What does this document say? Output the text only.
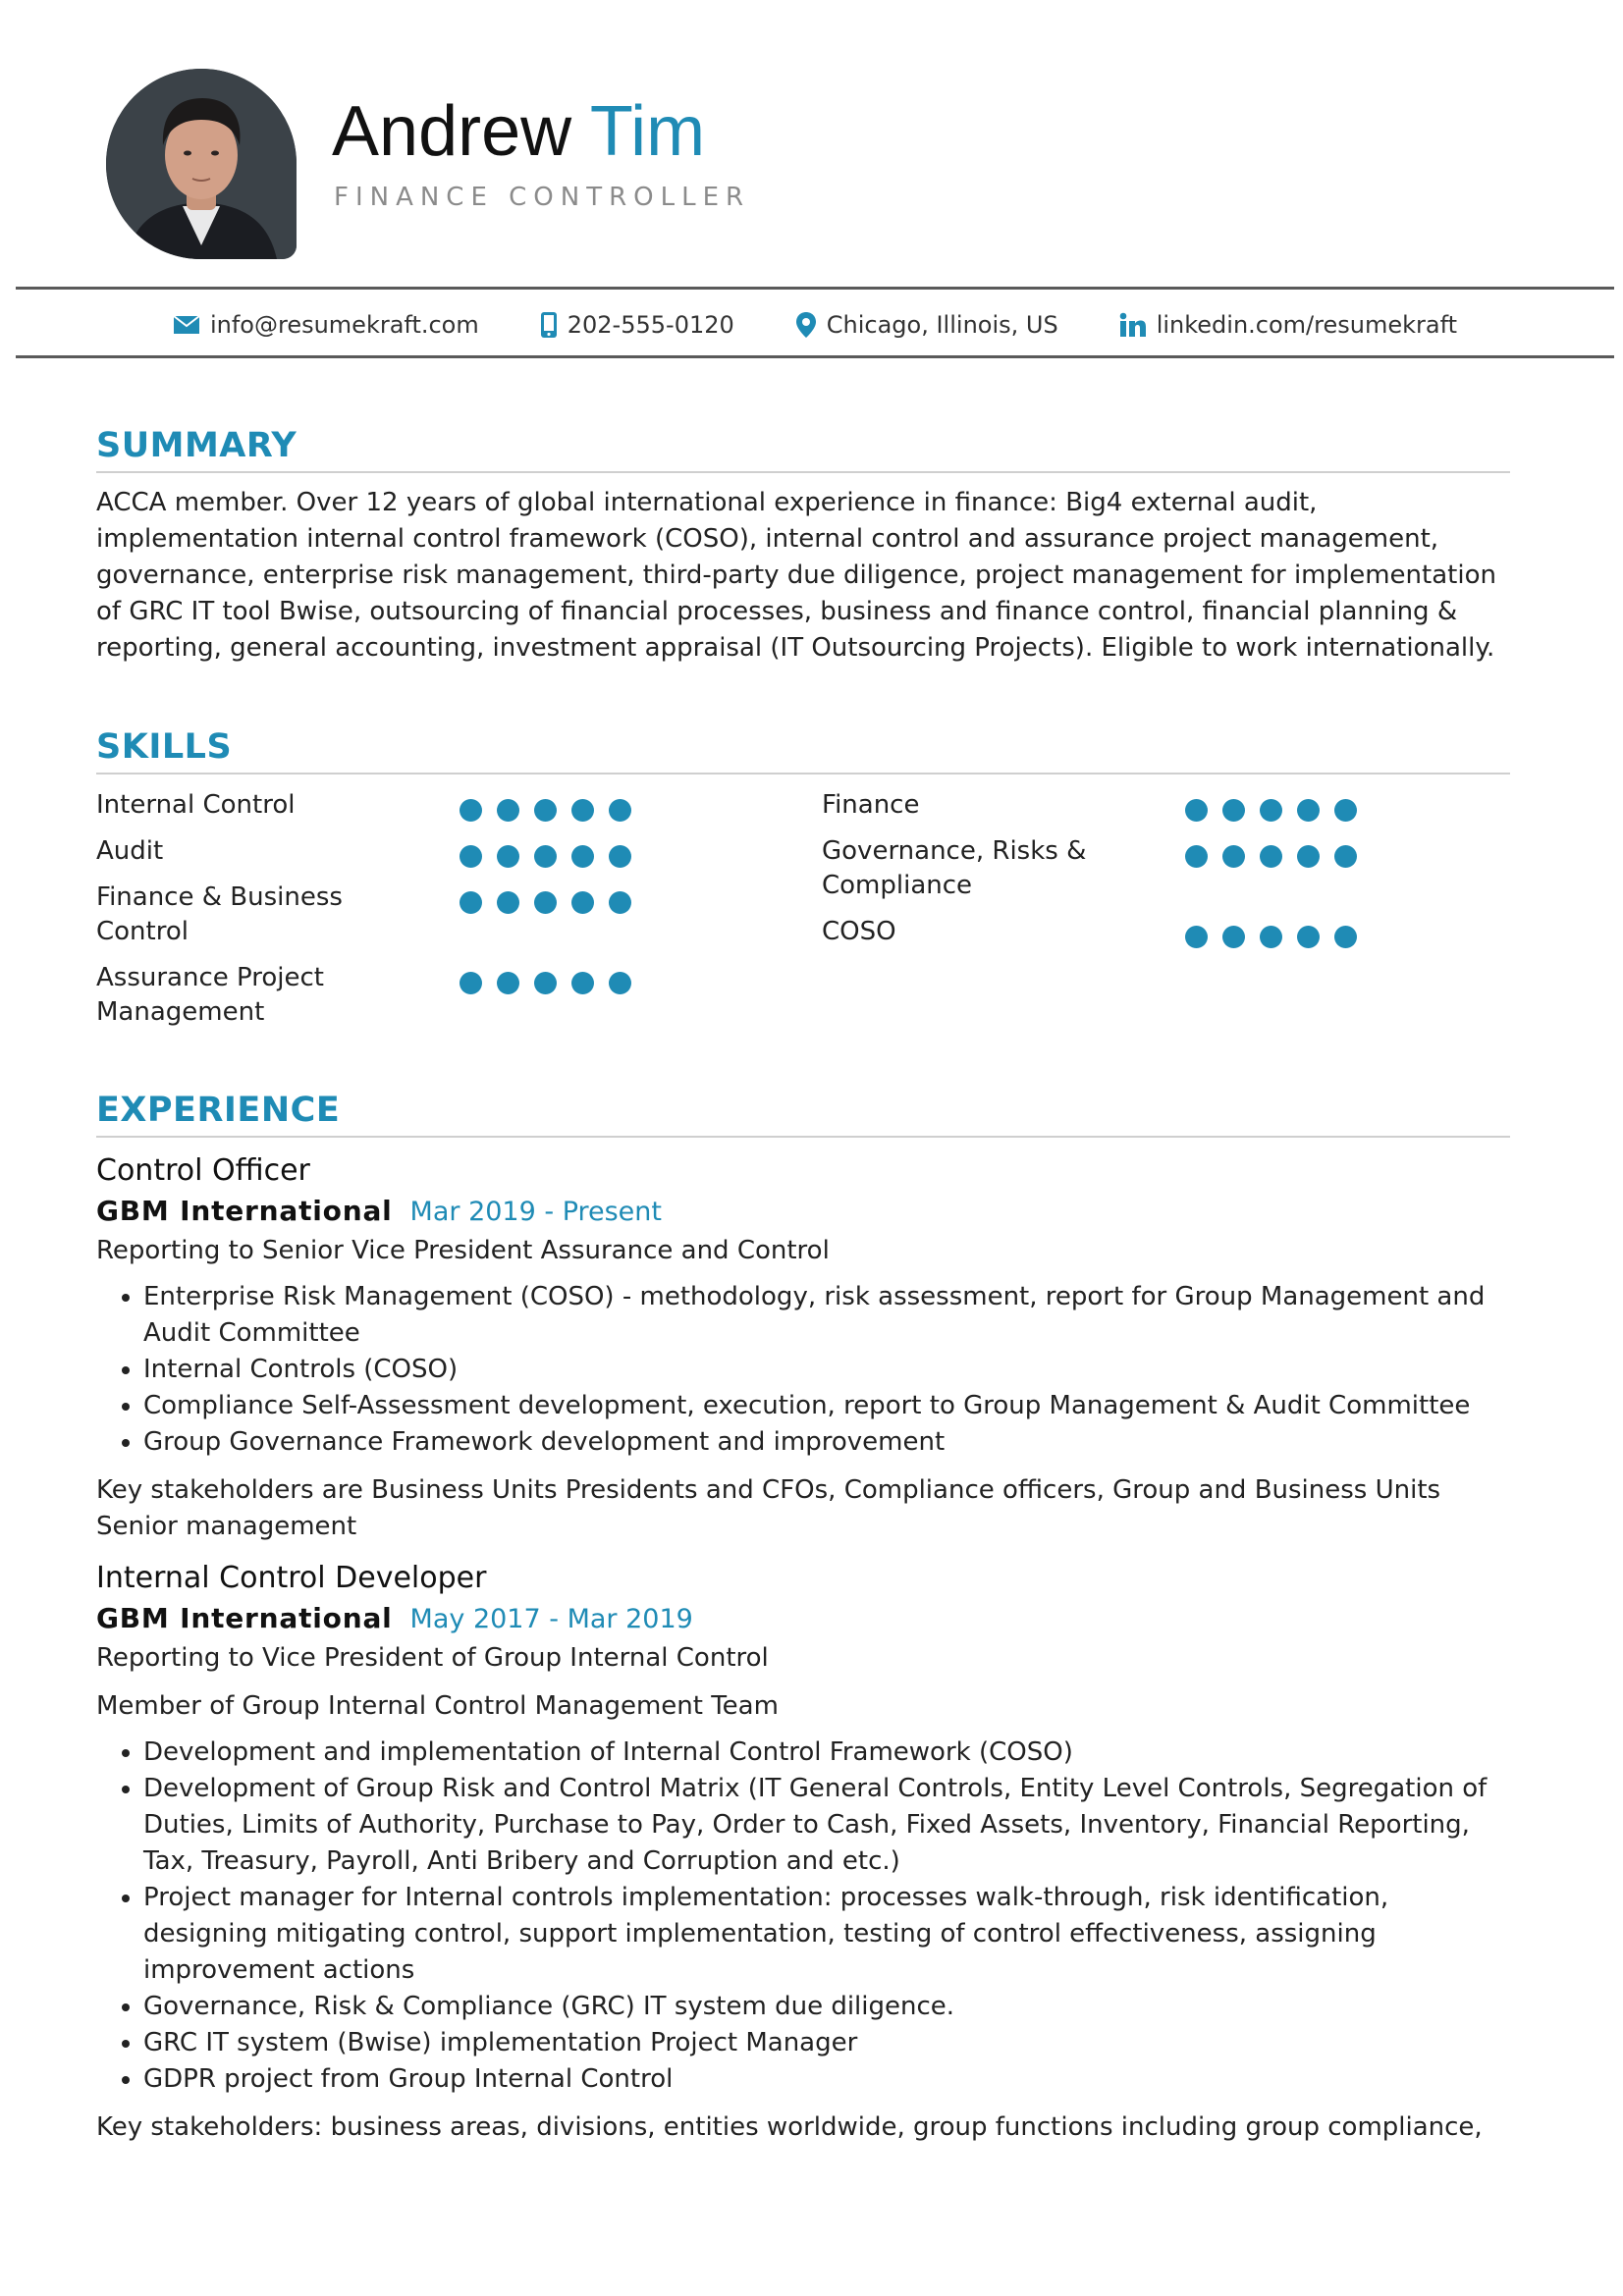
Andrew Tim
FINANCE CONTROLLER
info@resumekraft.com	202-555-0120	Chicago, Illinois, US	linkedin.com/resumekraft
SUMMARY

ACCA member. Over 12 years of global international experience in finance: Big4 external audit, implementation internal control framework (COSO), internal control and assurance project management, governance, enterprise risk management, third-party due diligence, project management for implementation of GRC IT tool Bwise, outsourcing of financial processes, business and finance control, financial planning & reporting, general accounting, investment appraisal (IT Outsourcing Projects). Eligible to work internationally.

SKILLS
Internal Control
Audit
Finance & Business Control
Assurance Project Management
Finance
Governance, Risks & Compliance
COSO
EXPERIENCE
Control Officer
GBM International Mar 2019 - Present

Reporting to Senior Vice President Assurance and Control

• Enterprise Risk Management (COSO) - methodology, risk assessment, report for Group Management and Audit Committee
• Internal Controls (COSO)
• Compliance Self-Assessment development, execution, report to Group Management & Audit Committee
• Group Governance Framework development and improvement

Key stakeholders are Business Units Presidents and CFOs, Compliance officers, Group and Business Units Senior management

Internal Control Developer
GBM International May 2017 - Mar 2019

Reporting to Vice President of Group Internal Control

Member of Group Internal Control Management Team

• Development and implementation of Internal Control Framework (COSO)
• Development of Group Risk and Control Matrix (IT General Controls, Entity Level Controls, Segregation of Duties, Limits of Authority, Purchase to Pay, Order to Cash, Fixed Assets, Inventory, Financial Reporting, Tax, Treasury, Payroll, Anti Bribery and Corruption and etc.)
• Project manager for Internal controls implementation: processes walk-through, risk identification, designing mitigating control, support implementation, testing of control effectiveness, assigning improvement actions
• Governance, Risk & Compliance (GRC) IT system due diligence.
• GRC IT system (Bwise) implementation Project Manager
• GDPR project from Group Internal Control

Key stakeholders: business areas, divisions, entities worldwide, group functions including group compliance,
